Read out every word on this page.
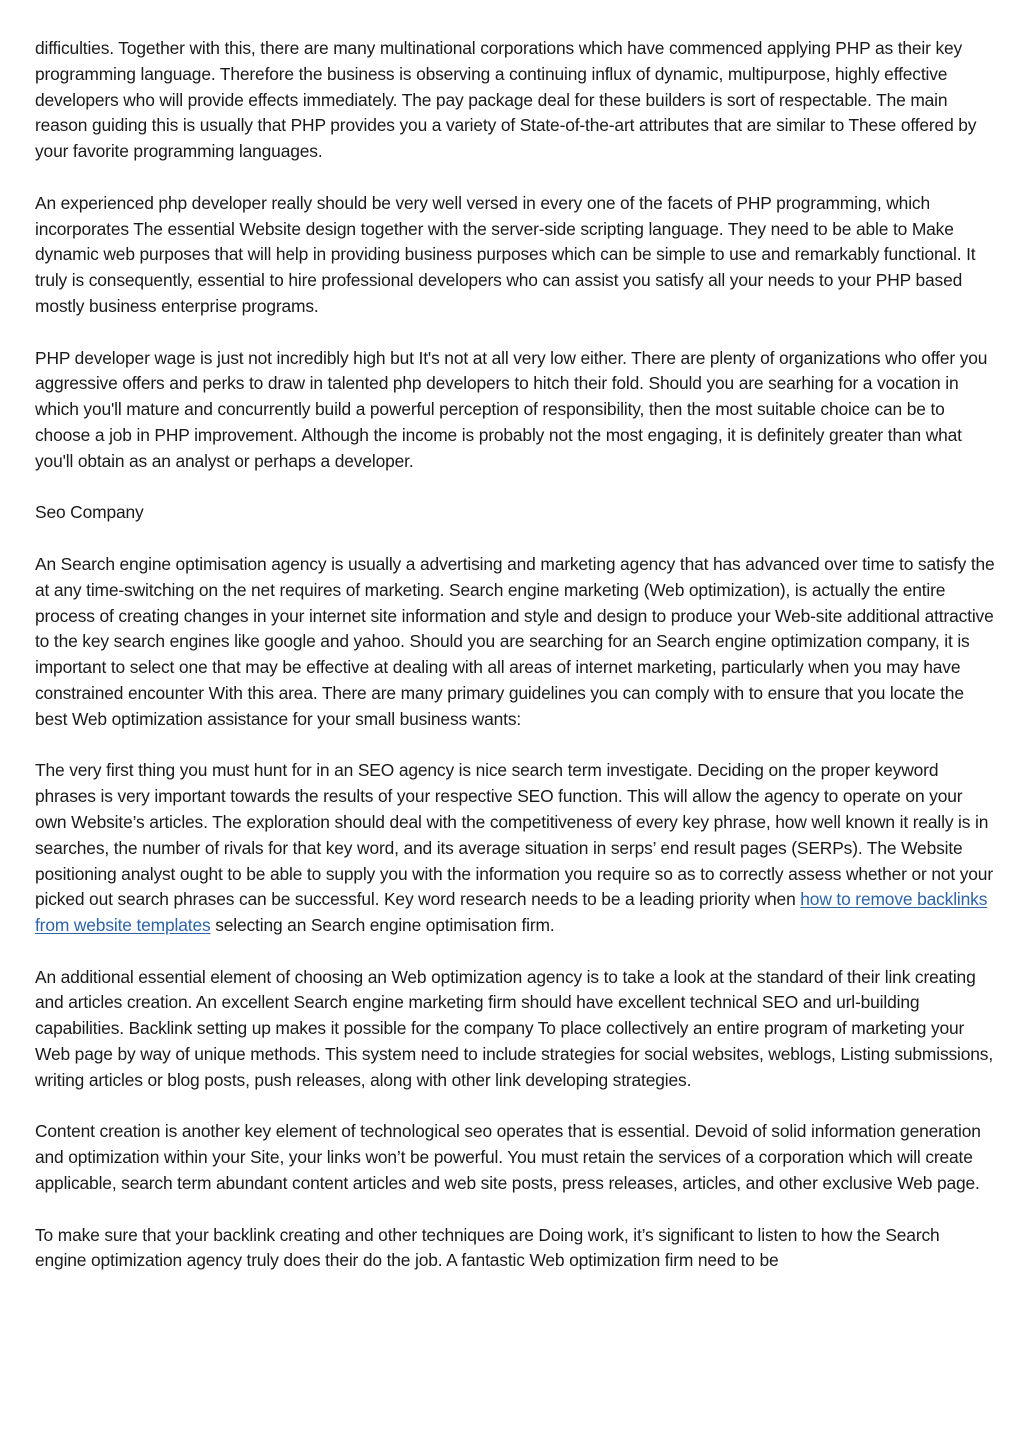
difficulties. Together with this, there are many multinational corporations which have commenced applying PHP as their key programming language. Therefore the business is observing a continuing influx of dynamic, multipurpose, highly effective developers who will provide effects immediately. The pay package deal for these builders is sort of respectable. The main reason guiding this is usually that PHP provides you a variety of State-of-the-art attributes that are similar to These offered by your favorite programming languages.

An experienced php developer really should be very well versed in every one of the facets of PHP programming, which incorporates The essential Website design together with the server-side scripting language. They need to be able to Make dynamic web purposes that will help in providing business purposes which can be simple to use and remarkably functional. It truly is consequently, essential to hire professional developers who can assist you satisfy all your needs to your PHP based mostly business enterprise programs.

PHP developer wage is just not incredibly high but It's not at all very low either. There are plenty of organizations who offer you aggressive offers and perks to draw in talented php developers to hitch their fold. Should you are searhing for a vocation in which you'll mature and concurrently build a powerful perception of responsibility, then the most suitable choice can be to choose a job in PHP improvement. Although the income is probably not the most engaging, it is definitely greater than what you'll obtain as an analyst or perhaps a developer.

Seo Company

An Search engine optimisation agency is usually a advertising and marketing agency that has advanced over time to satisfy the at any time-switching on the net requires of marketing. Search engine marketing (Web optimization), is actually the entire process of creating changes in your internet site information and style and design to produce your Web-site additional attractive to the key search engines like google and yahoo. Should you are searching for an Search engine optimization company, it is important to select one that may be effective at dealing with all areas of internet marketing, particularly when you may have constrained encounter With this area. There are many primary guidelines you can comply with to ensure that you locate the best Web optimization assistance for your small business wants:

The very first thing you must hunt for in an SEO agency is nice search term investigate. Deciding on the proper keyword phrases is very important towards the results of your respective SEO function. This will allow the agency to operate on your own Website’s articles. The exploration should deal with the competitiveness of every key phrase, how well known it really is in searches, the number of rivals for that key word, and its average situation in serps’ end result pages (SERPs). The Website positioning analyst ought to be able to supply you with the information you require so as to correctly assess whether or not your picked out search phrases can be successful. Key word research needs to be a leading priority when how to remove backlinks from website templates selecting an Search engine optimisation firm.

An additional essential element of choosing an Web optimization agency is to take a look at the standard of their link creating and articles creation. An excellent Search engine marketing firm should have excellent technical SEO and url-building capabilities. Backlink setting up makes it possible for the company To place collectively an entire program of marketing your Web page by way of unique methods. This system need to include strategies for social websites, weblogs, Listing submissions, writing articles or blog posts, push releases, along with other link developing strategies.

Content creation is another key element of technological seo operates that is essential. Devoid of solid information generation and optimization within your Site, your links won’t be powerful. You must retain the services of a corporation which will create applicable, search term abundant content articles and web site posts, press releases, articles, and other exclusive Web page.

To make sure that your backlink creating and other techniques are Doing work, it’s significant to listen to how the Search engine optimization agency truly does their do the job. A fantastic Web optimization firm need to be
